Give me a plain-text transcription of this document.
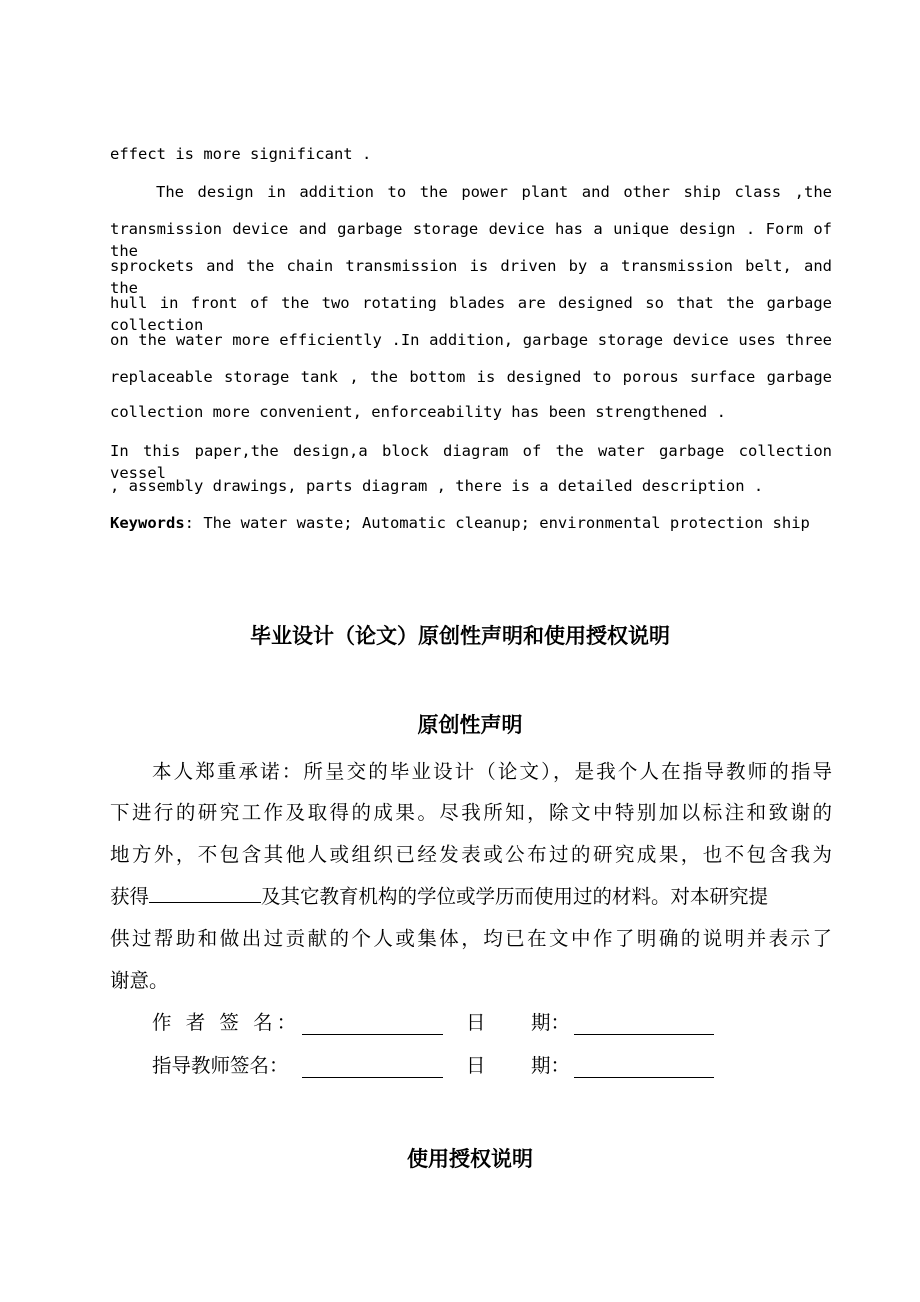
effect is more significant .
The design in addition to the power plant and other ship class ,the
transmission device and garbage storage device has a unique design . Form of the
sprockets and the chain transmission is driven by a transmission belt, and the
hull in front of the two rotating blades are designed so that the garbage collection
on the water more efficiently .In addition, garbage storage device uses three
replaceable storage tank , the bottom is designed to porous surface garbage
collection more convenient, enforceability has been strengthened .
In this paper,the design,a block diagram of the water garbage collection vessel
, assembly drawings, parts diagram , there is a detailed description .
Keywords: The water waste; Automatic cleanup; environmental protection ship
毕业设计（论文）原创性声明和使用授权说明
原创性声明
本人郑重承诺：所呈交的毕业设计（论文），是我个人在指导教师的指导
下进行的研究工作及取得的成果。尽我所知，除文中特别加以标注和致谢的
地方外，不包含其他人或组织已经发表或公布过的研究成果，也不包含我为
获得	及其它教育机构的学位或学历而使用过的材料。对本研究提
供过帮助和做出过贡献的个人或集体，均已在文中作了明确的说明并表示了
谢意。
作 者 签 名：	日 期：
指导教师签名：	日 期：
使用授权说明
